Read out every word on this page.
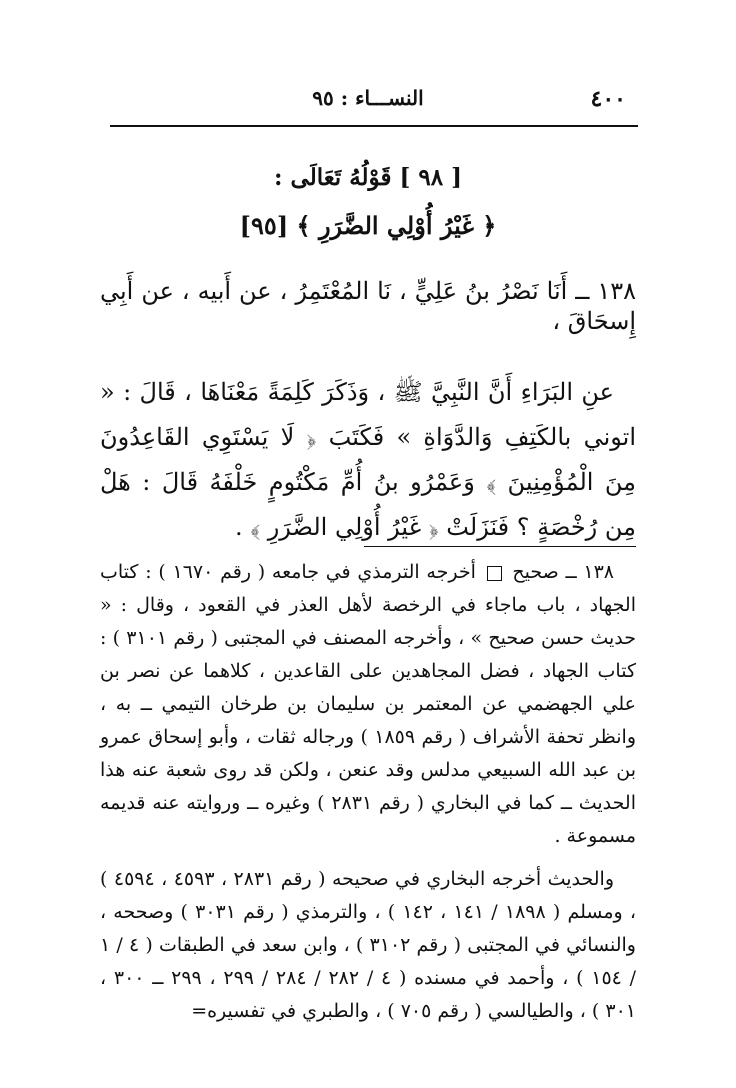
٤٠٠
النســـاء : ٩٥
[ ٩٨ ] قَوْلُهُ تَعَالَى :
﴿ غَيْرُ أُوْلِي الضَّرَرِ ﴾ [٩٥]

١٣٨ ــ أَنَا نَصْرُ بنُ عَلِيٍّ ، نَا المُعْتَمِرُ ، عن أَبيه ، عن أَبِي إِسحَاقَ ،

عنِ البَرَاءِ أَنَّ النَّبِيَّ ﷺ ، وَذَكَرَ كَلِمَةً مَعْنَاهَا ، قَالَ : « اتوني بالكَتِفِ وَالدَّوَاةِ » فَكَتَبَ ﴿ لَا يَسْتَوِي القَاعِدُونَ مِنَ الْمُؤْمِنِينَ ﴾ وَعَمْرُو بنُ أُمِّ مَكْتُومٍ خَلْفَهُ قَالَ : هَلْ مِن رُخْصَةٍ ؟ فَنَزَلَتْ ﴿ غَيْرُ أُوْلِي الضَّرَرِ ﴾ .

١٣٨ ــ صحيح  أخرجه الترمذي في جامعه ( رقم ١٦٧٠ ) : كتاب الجهاد ، باب ماجاء في الرخصة لأهل العذر في القعود ، وقال : « حديث حسن صحيح » ، وأخرجه المصنف في المجتبى ( رقم ٣١٠١ ) : كتاب الجهاد ، فضل المجاهدين على القاعدين ، كلاهما عن نصر بن علي الجهضمي عن المعتمر بن سليمان بن طرخان التيمي ــ به ، وانظر تحفة الأشراف ( رقم ١٨٥٩ ) ورجاله ثقات ، وأبو إسحاق عمرو بن عبد الله السبيعي مدلس وقد عنعن ، ولكن قد روى شعبة عنه هذا الحديث ــ كما في البخاري ( رقم ٢٨٣١ ) وغيره ــ وروايته عنه قديمه مسموعة .

والحديث أخرجه البخاري في صحيحه ( رقم ٢٨٣١ ، ٤٥٩٣ ، ٤٥٩٤ ) ، ومسلم ( ١٨٩٨ / ١٤١ ، ١٤٢ ) ، والترمذي ( رقم ٣٠٣١ ) وصححه ، والنسائي في المجتبى ( رقم ٣١٠٢ ) ، وابن سعد في الطبقات ( ٤ / ١ / ١٥٤ ) ، وأحمد في مسنده ( ٤ / ٢٨٢ / ٢٨٤ / ٢٩٩ ، ٢٩٩ ــ ٣٠٠ ، ٣٠١ ) ، والطيالسي ( رقم ٧٠٥ ) ، والطبري في تفسيره=
